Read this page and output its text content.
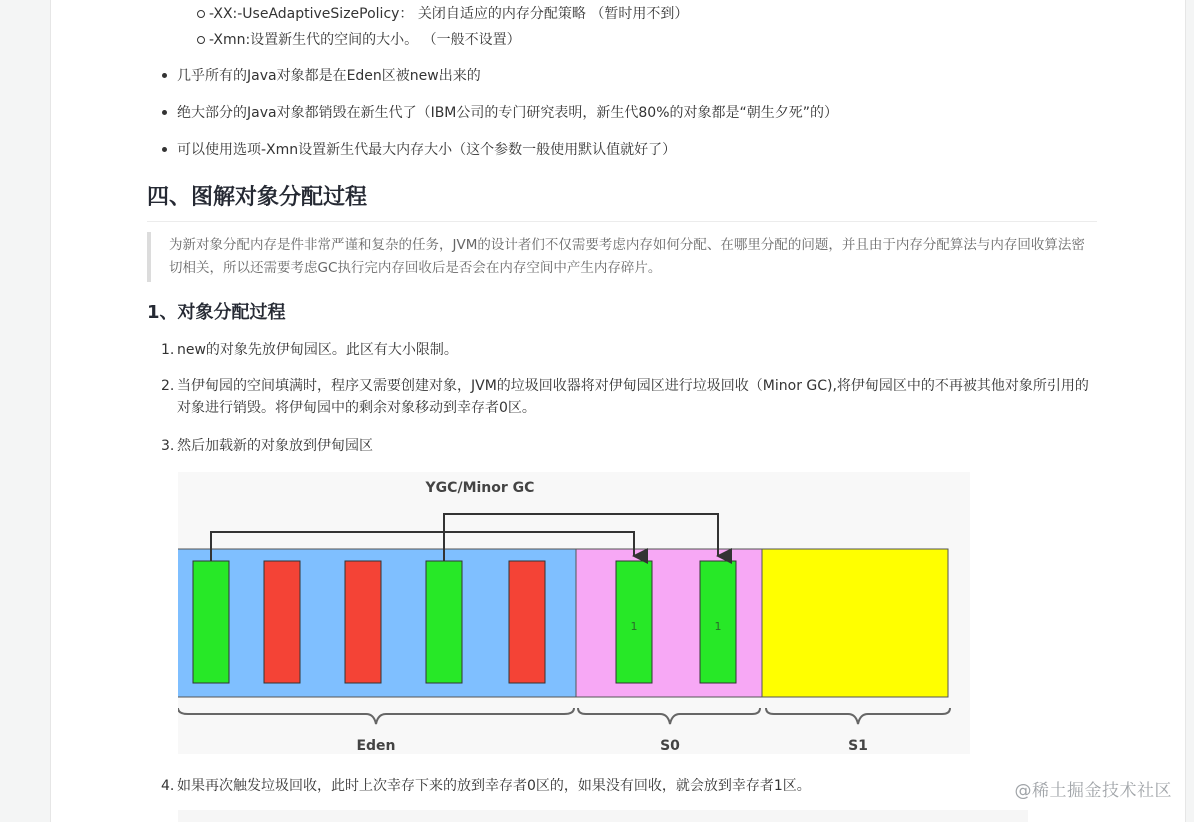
-XX:-UseAdaptiveSizePolicy： 关闭自适应的内存分配策略 （暂时用不到）
-Xmn:设置新生代的空间的大小。 （一般不设置）
几乎所有的Java对象都是在Eden区被new出来的
绝大部分的Java对象都销毁在新生代了（IBM公司的专门研究表明，新生代80%的对象都是“朝生夕死”的）
可以使用选项-Xmn设置新生代最大内存大小（这个参数一般使用默认值就好了）
四、图解对象分配过程
为新对象分配内存是件非常严谨和复杂的任务，JVM的设计者们不仅需要考虑内存如何分配、在哪里分配的问题，并且由于内存分配算法与内存回收算法密切相关，所以还需要考虑GC执行完内存回收后是否会在内存空间中产生内存碎片。
1、对象分配过程
1. new的对象先放伊甸园区。此区有大小限制。
2. 当伊甸园的空间填满时，程序又需要创建对象，JVM的垃圾回收器将对伊甸园区进行垃圾回收（Minor GC),将伊甸园区中的不再被其他对象所引用的对象进行销毁。将伊甸园中的剩余对象移动到幸存者0区。
3. 然后加载新的对象放到伊甸园区
4. 如果再次触发垃圾回收，此时上次幸存下来的放到幸存者0区的，如果没有回收，就会放到幸存者1区。
YGC/Minor GC
1	1
Eden	S0	S1
@稀土掘金技术社区
